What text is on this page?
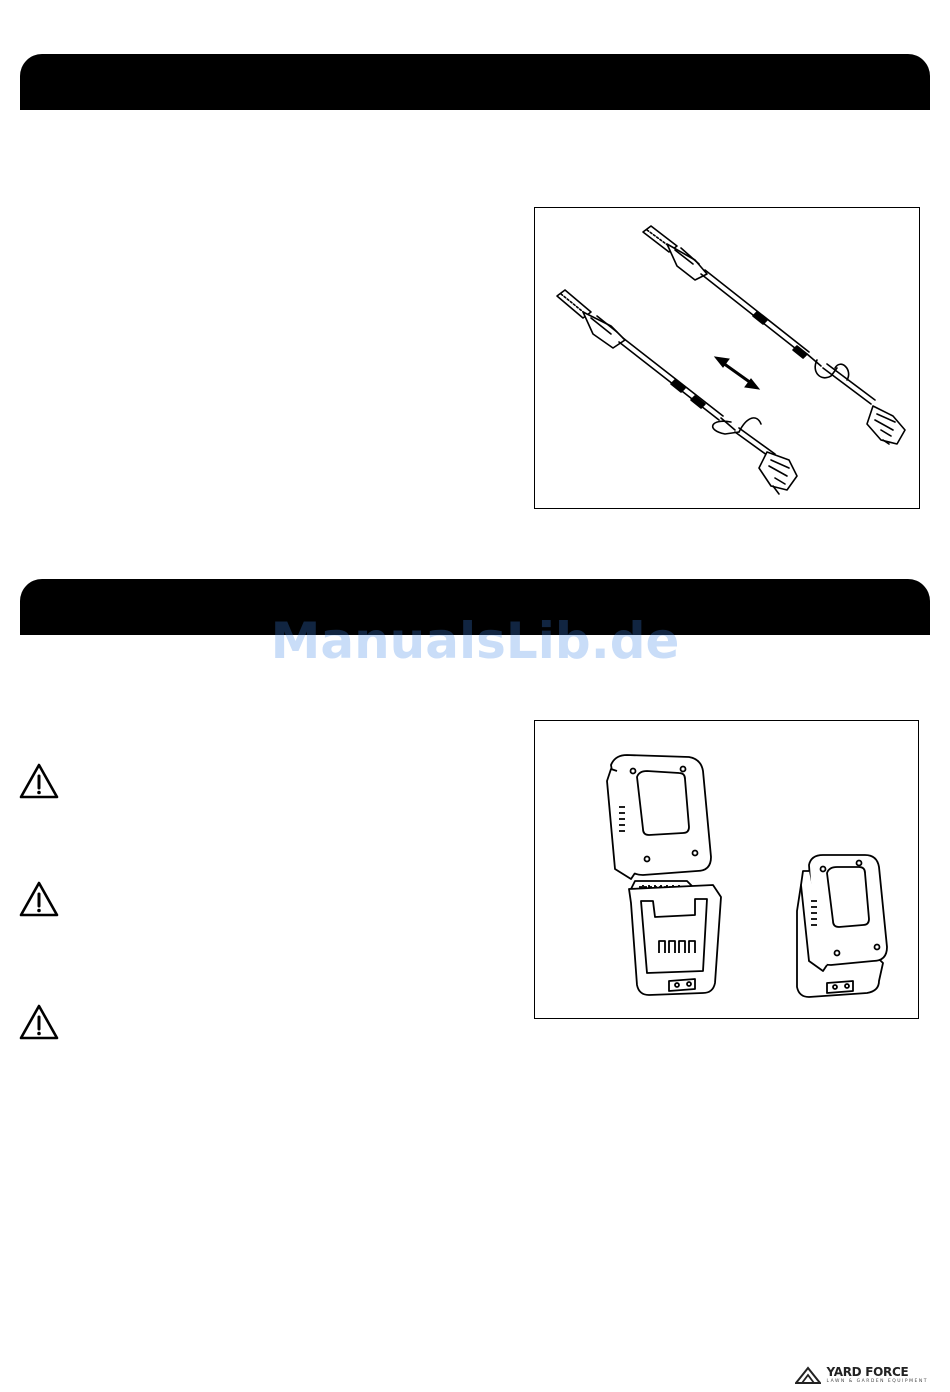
ManualsLib.de
YARD FORCE
LAWN & GARDEN EQUIPMENT
